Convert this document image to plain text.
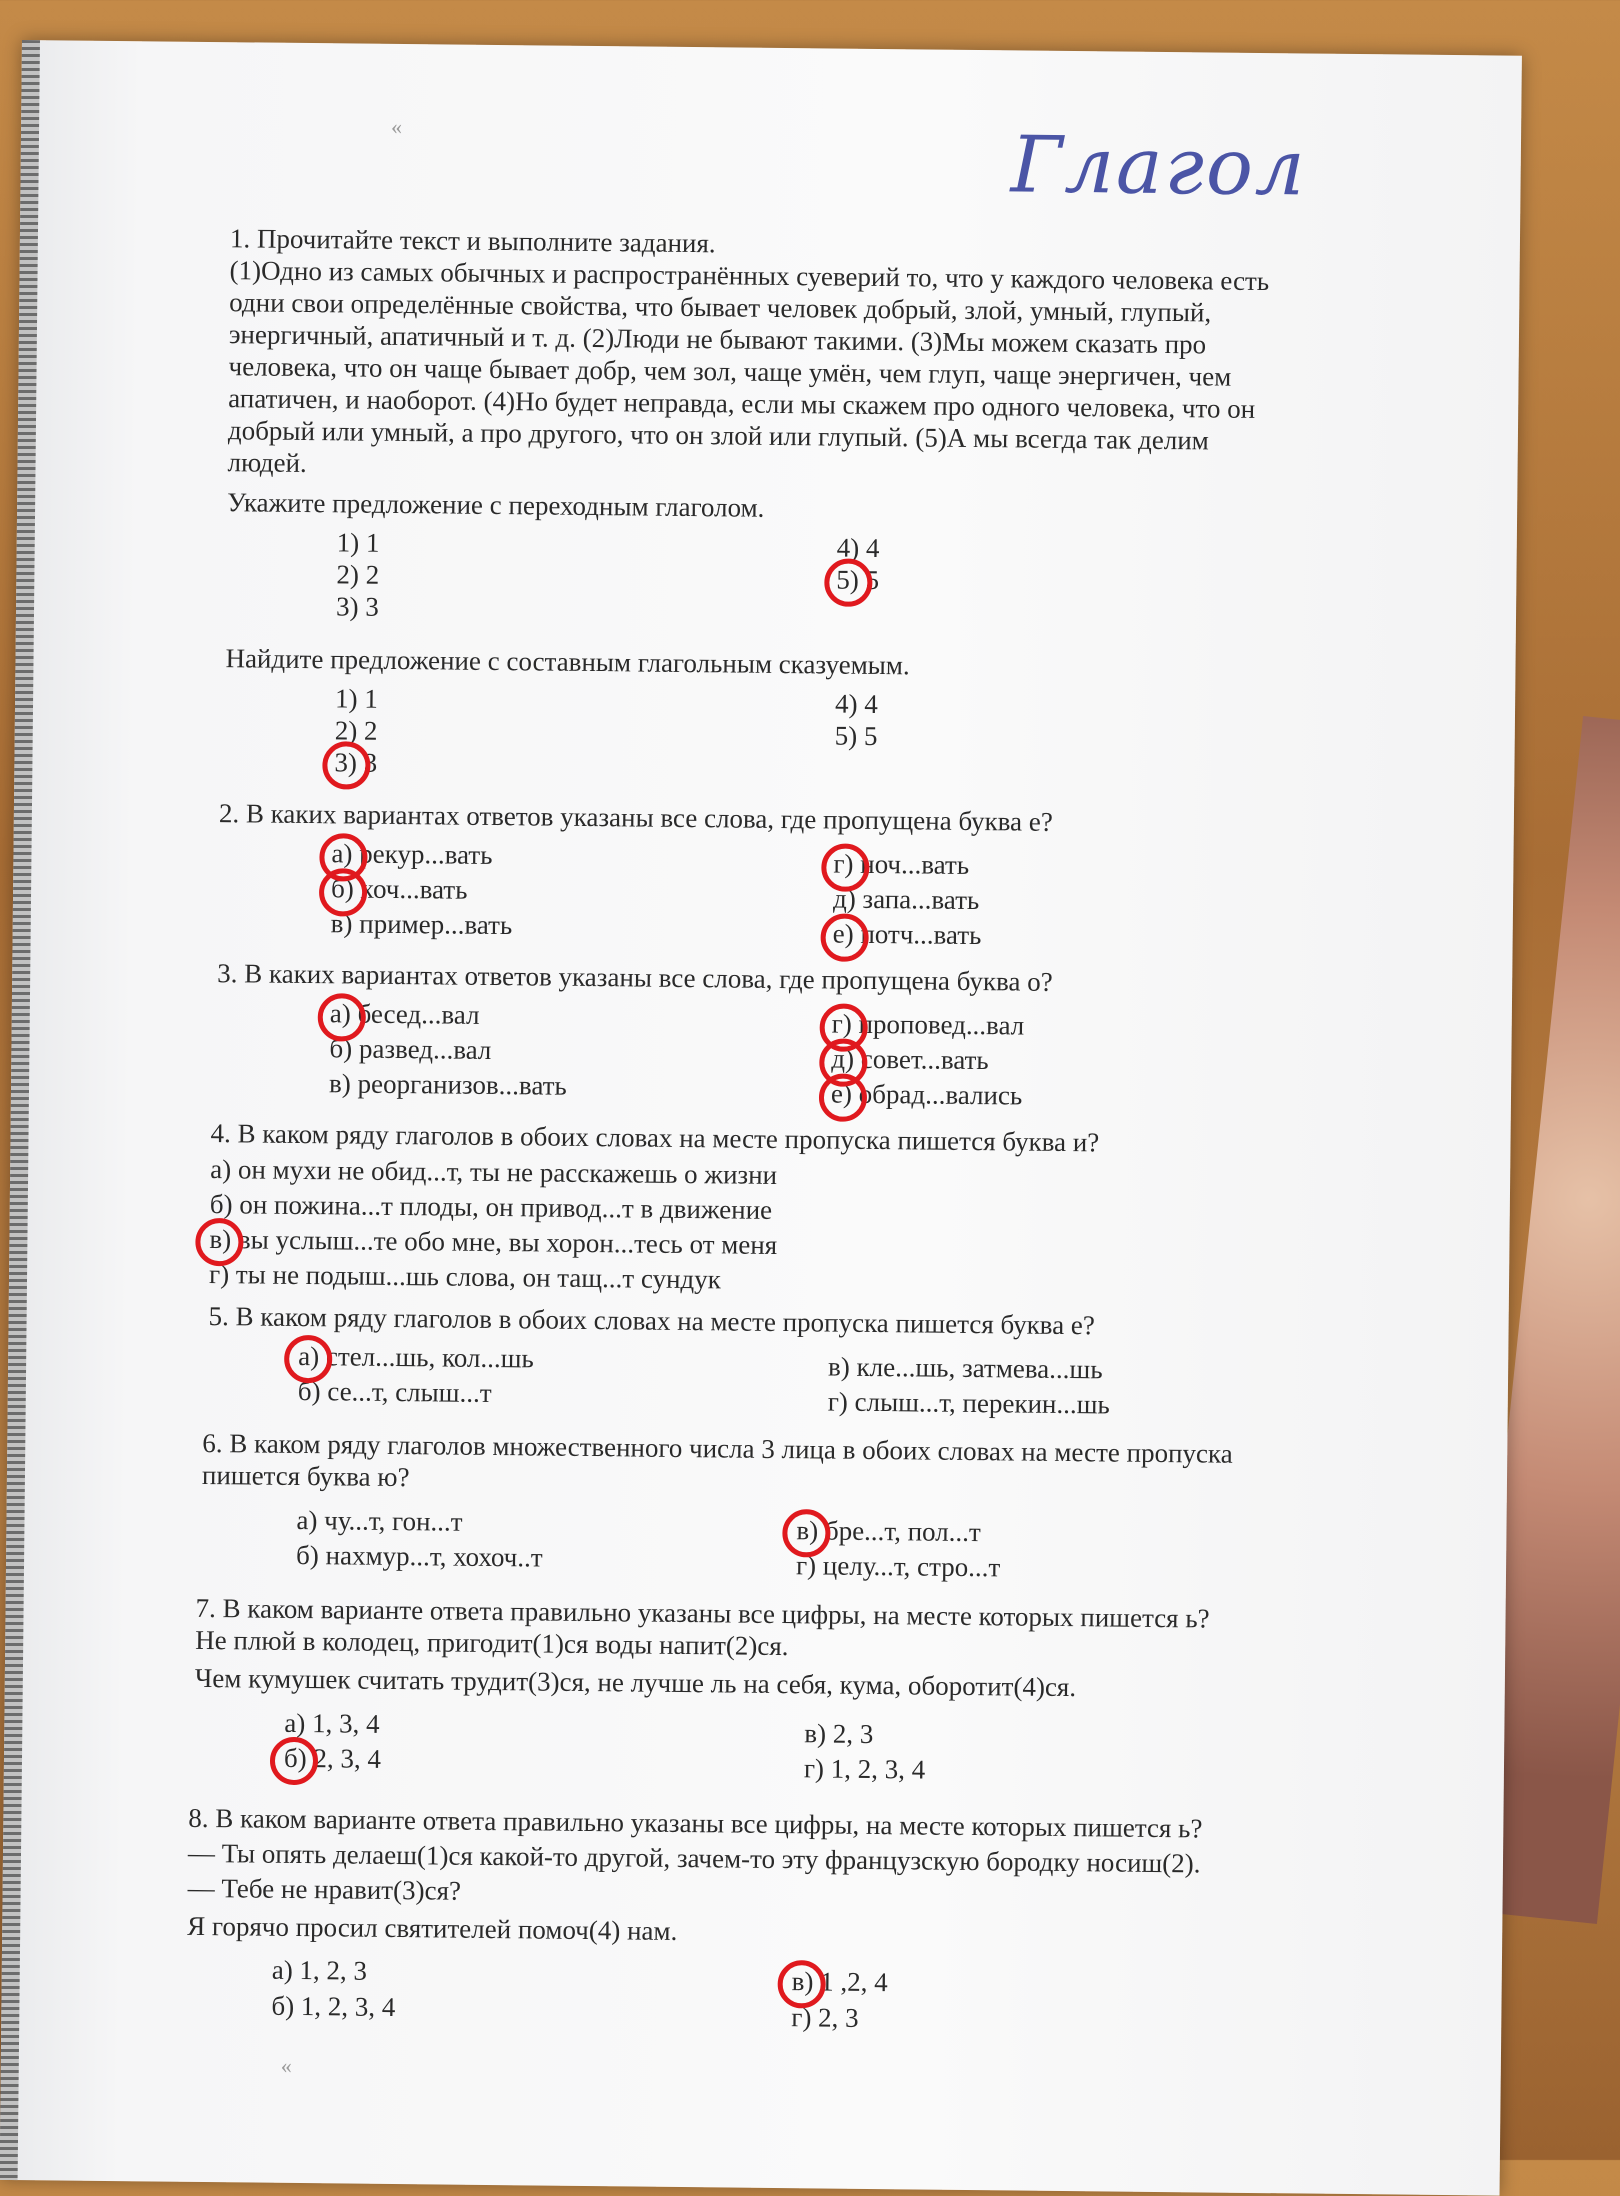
Глагол
«
1. Прочитайте текст и выполните задания.
(1)Одно из самых обычных и распространённых суеверий то, что у каждого человека есть
одни свои определённые свойства, что бывает человек добрый, злой, умный, глупый,
энергичный, апатичный и т. д. (2)Люди не бывают такими. (3)Мы можем сказать про
человека, что он чаще бывает добр, чем зол, чаще умён, чем глуп, чаще энергичен, чем
апатичен, и наоборот. (4)Но будет неправда, если мы скажем про одного человека, что он
добрый или умный, а про другого, что он злой или глупый. (5)А мы всегда так делим
людей.
Укажите предложение с переходным глаголом.
1) 1
2) 2
3) 3
4) 4
5) 5
Найдите предложение с составным глагольным сказуемым.
1) 1
2) 2
3) 3
4) 4
5) 5
2. В каких вариантах ответов указаны все слова, где пропущена буква е?
а) рекур...вать
б) хоч...вать
в) пример...вать
г) ноч...вать
д) запа...вать
е) потч...вать
3. В каких вариантах ответов указаны все слова, где пропущена буква о?
а) бесед...вал
б) развед...вал
в) реорганизов...вать
г) проповед...вал
д) совет...вать
е) обрад...вались
4. В каком ряду глаголов в обоих словах на месте пропуска пишется буква и?
а) он мухи не обид...т, ты не расскажешь о жизни
б) он пожина...т плоды, он привод...т в движение
в) вы услыш...те обо мне, вы хорон...тесь от меня
г) ты не подыш...шь слова, он тащ...т сундук
5. В каком ряду глаголов в обоих словах на месте пропуска пишется буква е?
а) стел...шь, кол...шь
б) се...т, слыш...т
в) кле...шь, затмева...шь
г) слыш...т, перекин...шь
6. В каком ряду глаголов множественного числа 3 лица в обоих словах на месте пропуска
пишется буква ю?
а) чу...т, гон...т
б) нахмур...т, хохоч..т
в) бре...т, пол...т
г) целу...т, стро...т
7. В каком варианте ответа правильно указаны все цифры, на месте которых пишется ь?
Не плюй в колодец, пригодит(1)ся воды напит(2)ся.
Чем кумушек считать трудит(3)ся, не лучше ль на себя, кума, оборотит(4)ся.
а) 1, 3, 4
б) 2, 3, 4
в) 2, 3
г) 1, 2, 3, 4
8. В каком варианте ответа правильно указаны все цифры, на месте которых пишется ь?
— Ты опять делаеш(1)ся какой-то другой, зачем-то эту французскую бородку носиш(2).
— Тебе не нравит(3)ся?
Я горячо просил святителей помоч(4) нам.
а) 1, 2, 3
б) 1, 2, 3, 4
в) 1 ,2, 4
г) 2, 3
«
